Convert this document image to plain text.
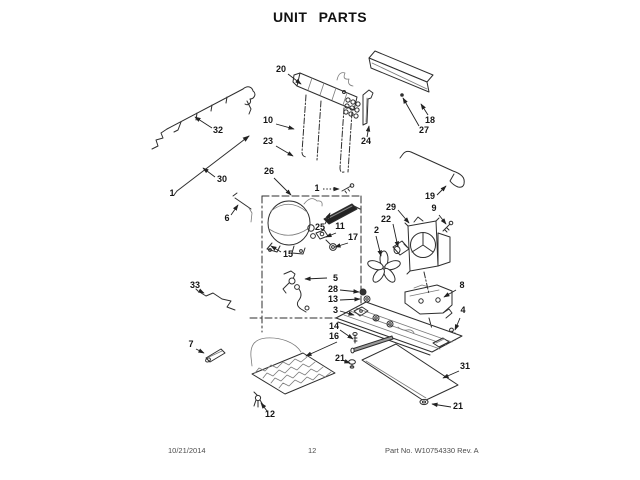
UNIT PARTS
20
32
10
23
30
1
26
18
27
24
19
9
29
22
2
1
25 11
17
15
6
33
5
28
13
3
14
16
7
21
12
8
4
31
21
10/21/2014	12	Part No. W10754330 Rev. A
